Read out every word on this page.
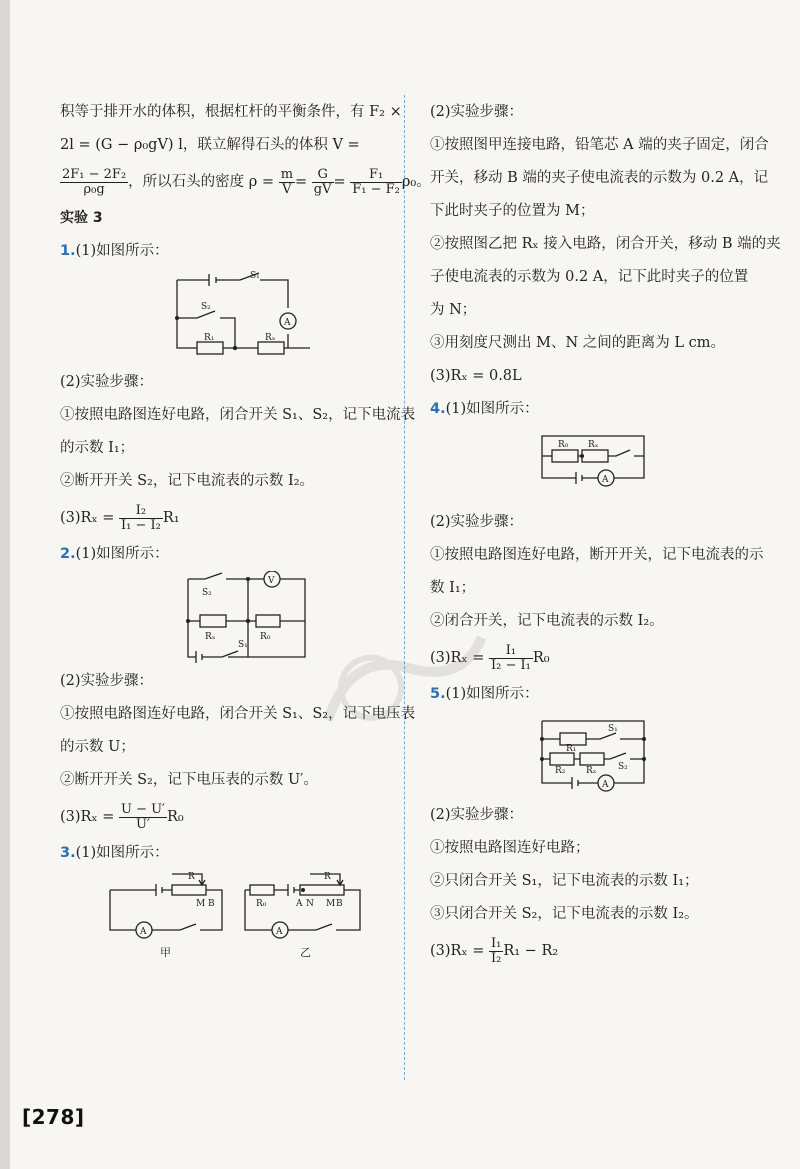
积等于排开水的体积，根据杠杆的平衡条件，有 F₂ ×
2l = (G − ρ₀gV) l，联立解得石头的体积 V =
$\frac{\text{2F₁ − 2F₂}}{\text{ρ₀g}}$ ，所以石头的密度 $\rho = \frac{m}{V} = \frac{G}{gV} = \frac{\text{F₁}}{\text{F₁ − F₂}} \rho_0$。
实验 3
1.(1)如图所示：
S₁
S₂
R₁	Rₓ
A
(2)实验步骤：
①按照电路图连好电路，闭合开关 S₁、S₂，记下电流表
的示数 I₁；
②断开开关 S₂，记下电流表的示数 I₂。
$(3)R_x = \frac{\text{I₂}}{\text{I₁ − I₂}} R_1$
2.(1)如图所示：
S₂
S₁
Rₓ	R₀
V
(2)实验步骤：
①按照电路图连好电路，闭合开关 S₁、S₂，记下电压表
的示数 U；
②断开开关 S₂，记下电压表的示数 U′。
$(3)R_x = \frac{U - U'}{U'} R_0$
3.(1)如图所示：
R
M B
A
甲
R₀
R
A N M B
A
乙
(2)实验步骤：
①按照图甲连接电路，铅笔芯 A 端的夹子固定，闭合
开关，移动 B 端的夹子使电流表的示数为 0.2 A，记
下此时夹子的位置为 M；
②按照图乙把 Rₓ 接入电路，闭合开关，移动 B 端的夹
子使电流表的示数为 0.2 A，记下此时夹子的位置
为 N；
③用刻度尺测出 M、N 之间的距离为 L cm。
(3)Rₓ = 0.8L
4.(1)如图所示：
R₀ Rₓ
A
(2)实验步骤：
①按照电路图连好电路，断开开关，记下电流表的示
数 I₁；
②闭合开关，记下电流表的示数 I₂。
$(3)R_x = \frac{\text{I₁}}{\text{I₂ − I₁}} R_0$
5.(1)如图所示：
R₁
S₁
R₂ Rₓ S₂
A
(2)实验步骤：
①按照电路图连好电路；
②只闭合开关 S₁，记下电流表的示数 I₁；
③只闭合开关 S₂，记下电流表的示数 I₂。
$(3)R_x = \frac{\text{I₁}}{\text{I₂}} R_1 - R_2$
[278]
